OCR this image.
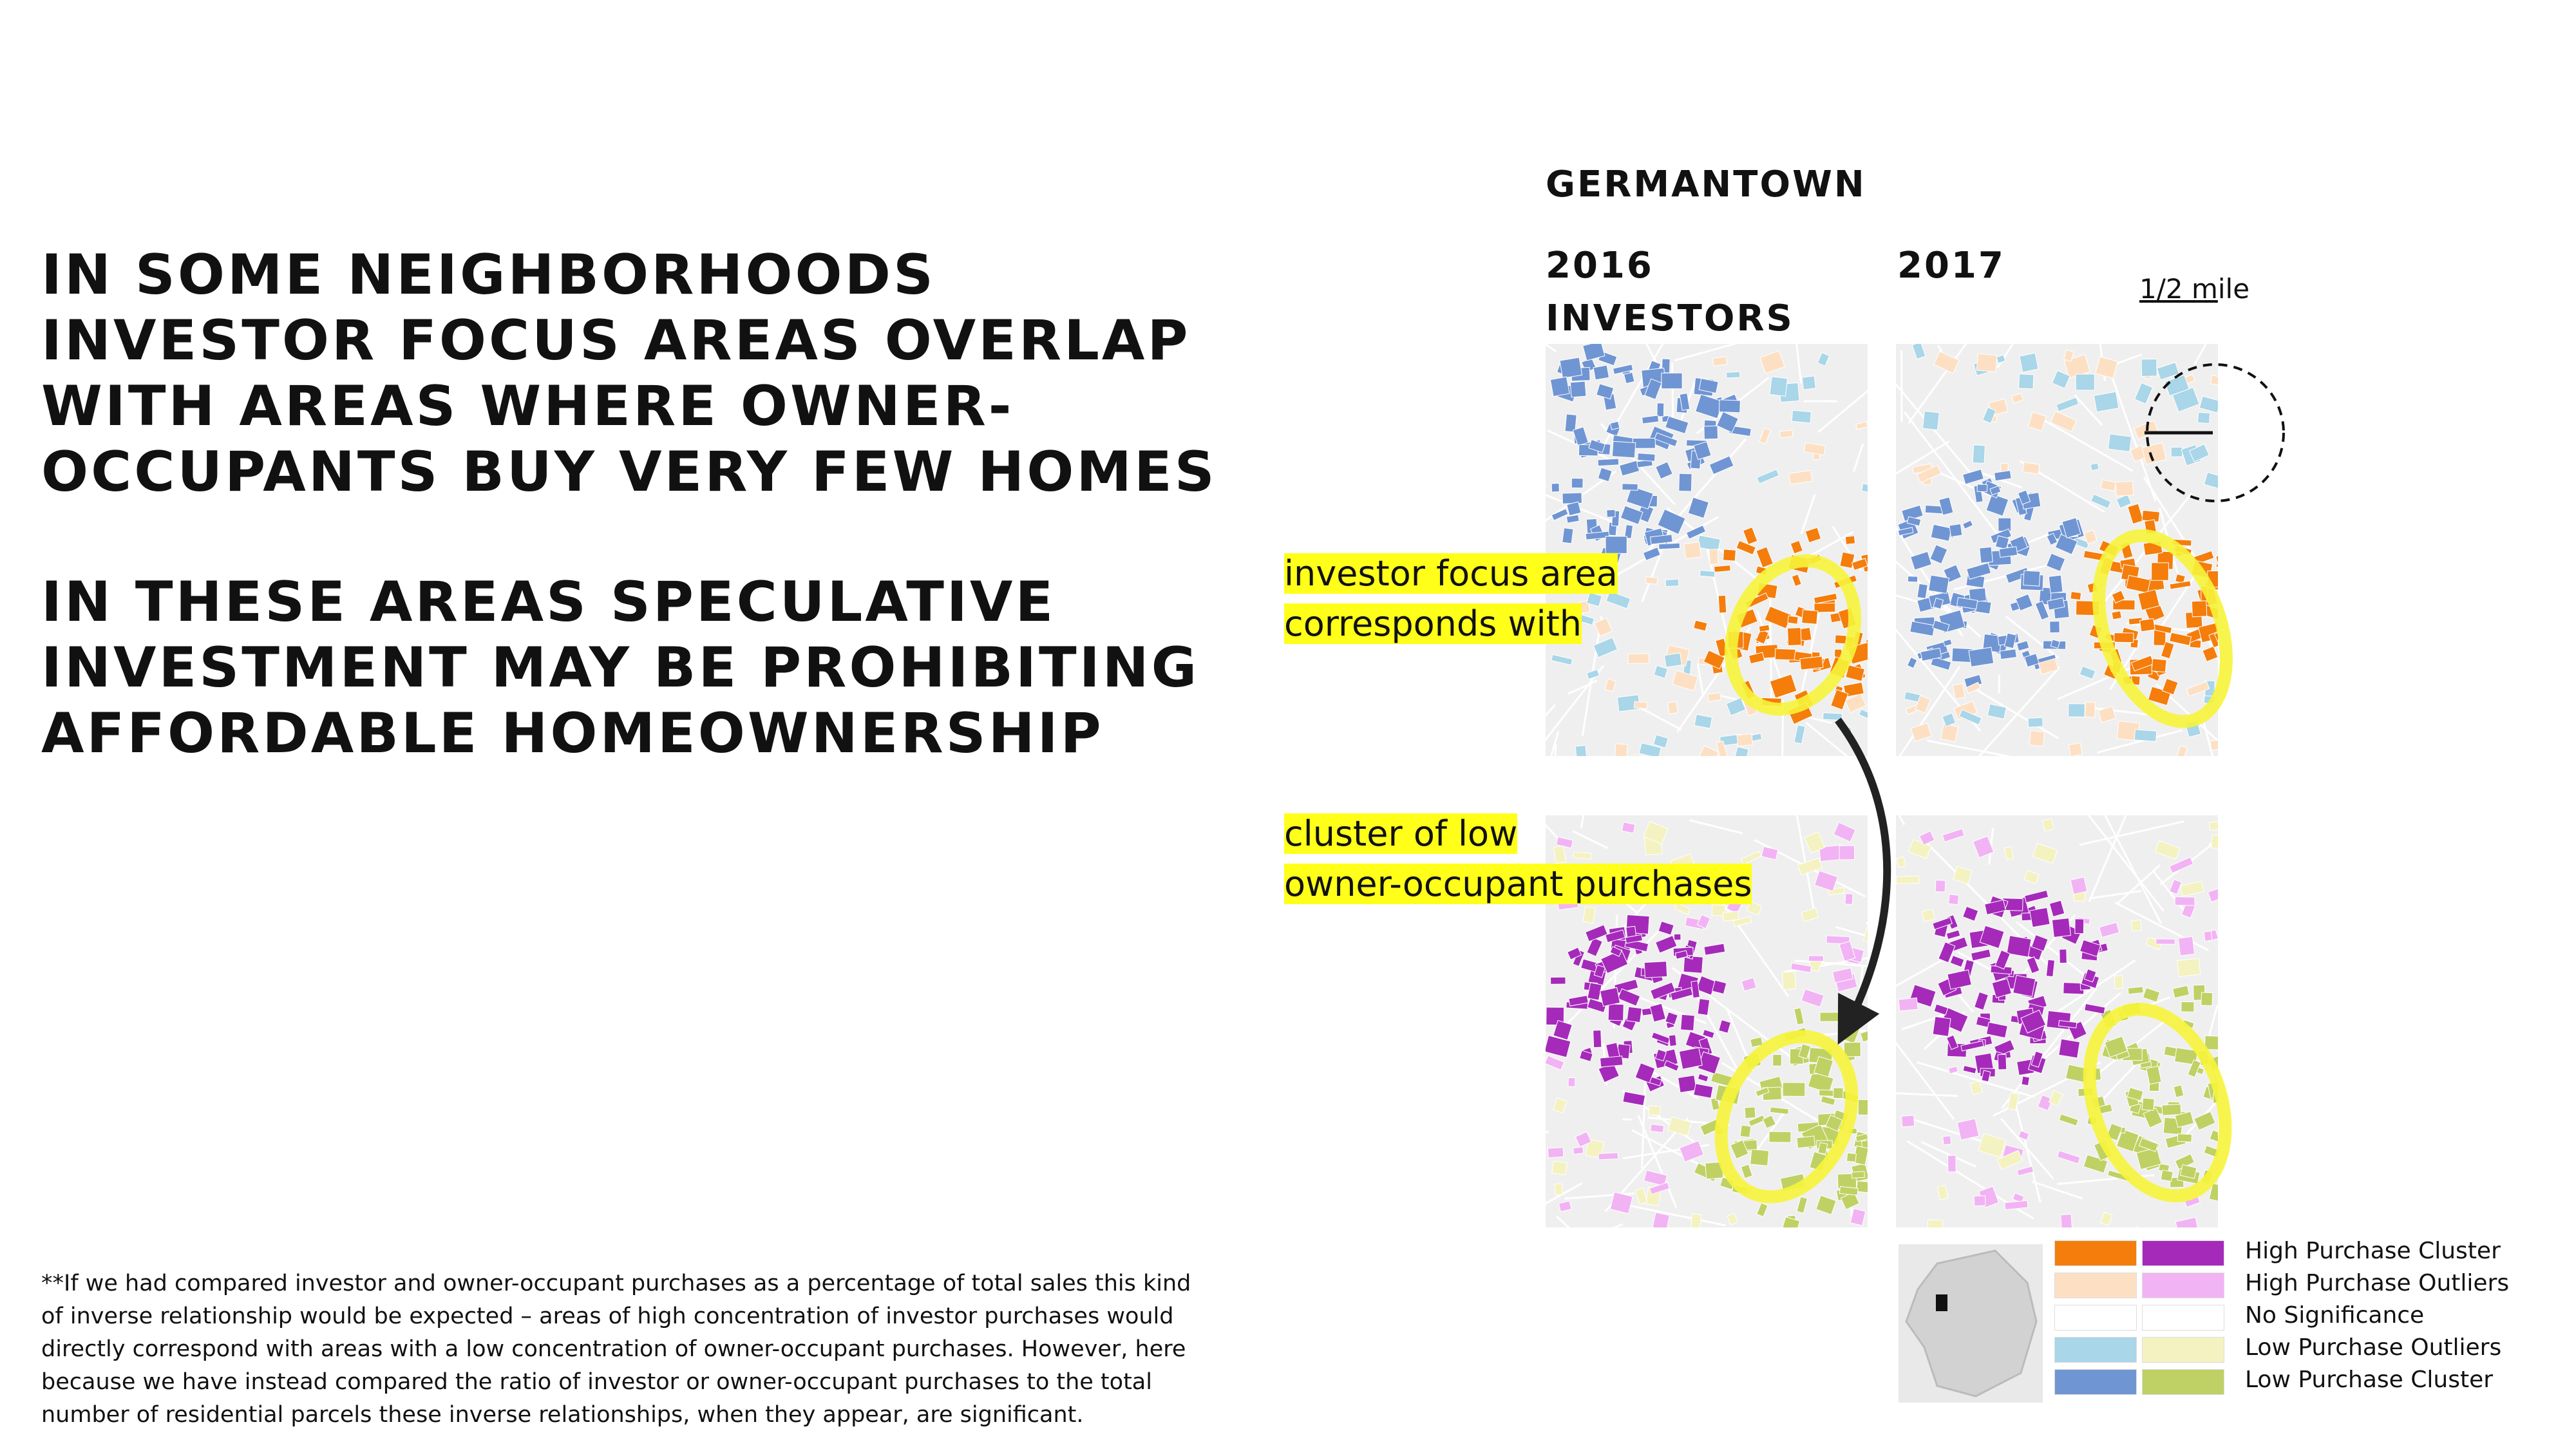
IN SOME NEIGHBORHOODS
INVESTOR FOCUS AREAS OVERLAP
WITH AREAS WHERE OWNER-
OCCUPANTS BUY VERY FEW HOMES
IN THESE AREAS SPECULATIVE
INVESTMENT MAY BE PROHIBITING
AFFORDABLE HOMEOWNERSHIP
**If we had compared investor and owner-occupant purchases as a percentage of total sales this kind
of inverse relationship would be expected – areas of high concentration of investor purchases would
directly correspond with areas with a low concentration of owner-occupant purchases. However, here
because we have instead compared the ratio of investor or owner-occupant purchases to the total
number of residential parcels these inverse relationships, when they appear, are significant.
GERMANTOWN
2016	2017
INVESTORS
1/2 mile
investor focus area
corresponds with
cluster of low
owner-occupant purchases
High Purchase Cluster
High Purchase Outliers
No Significance
Low Purchase Outliers
Low Purchase Cluster
